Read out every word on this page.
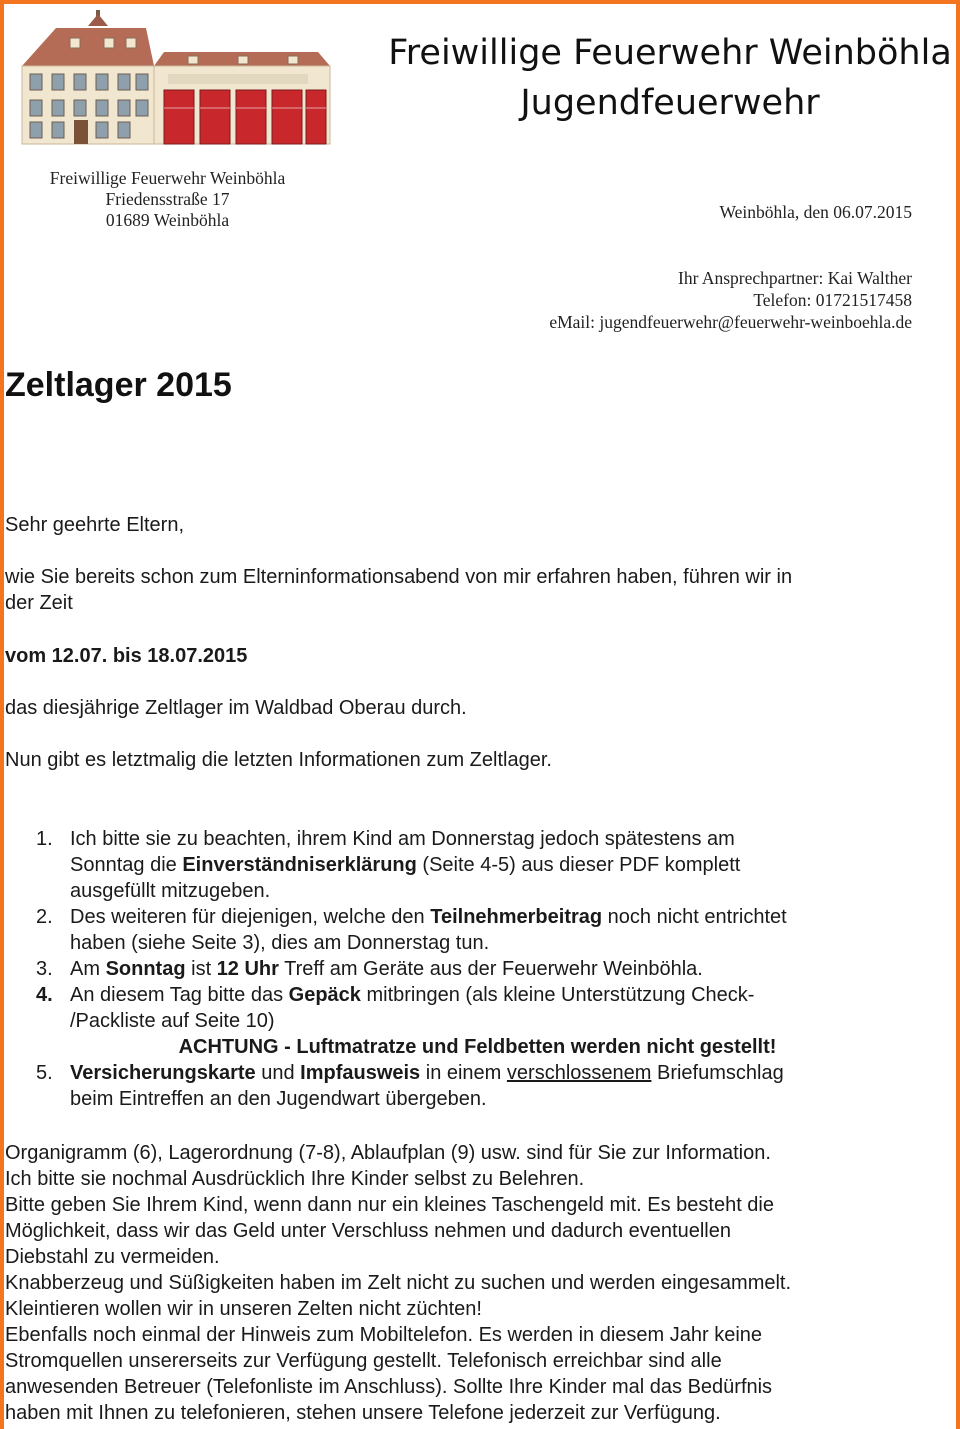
Freiwillige Feuerwehr Weinböhla
Jugendfeuerwehr
Freiwillige Feuerwehr Weinböhla
Friedensstraße 17
01689 Weinböhla	Weinböhla, den 06.07.2015
Ihr Ansprechpartner: Kai Walther
Telefon: 01721517458
eMail: jugendfeuerwehr@feuerwehr-weinboehla.de
Zeltlager 2015
Sehr geehrte Eltern,
wie Sie bereits schon zum Elterninformationsabend von mir erfahren haben, führen wir in
der Zeit
vom 12.07. bis 18.07.2015
das diesjährige Zeltlager im Waldbad Oberau durch.
Nun gibt es letztmalig die letzten Informationen zum Zeltlager.
1. Ich bitte sie zu beachten, ihrem Kind am Donnerstag jedoch spätestens am
Sonntag die Einverständniserklärung (Seite 4-5) aus dieser PDF komplett
ausgefüllt mitzugeben.
2. Des weiteren für diejenigen, welche den Teilnehmerbeitrag noch nicht entrichtet
haben (siehe Seite 3), dies am Donnerstag tun.
3. Am Sonntag ist 12 Uhr Treff am Geräte aus der Feuerwehr Weinböhla.
4. An diesem Tag bitte das Gepäck mitbringen (als kleine Unterstützung Check-
/Packliste auf Seite 10)
ACHTUNG - Luftmatratze und Feldbetten werden nicht gestellt!
5. Versicherungskarte und Impfausweis in einem verschlossenem Briefumschlag
beim Eintreffen an den Jugendwart übergeben.
Organigramm (6), Lagerordnung (7-8), Ablaufplan (9) usw. sind für Sie zur Information.
Ich bitte sie nochmal Ausdrücklich Ihre Kinder selbst zu Belehren.
Bitte geben Sie Ihrem Kind, wenn dann nur ein kleines Taschengeld mit. Es besteht die
Möglichkeit, dass wir das Geld unter Verschluss nehmen und dadurch eventuellen
Diebstahl zu vermeiden.
Knabberzeug und Süßigkeiten haben im Zelt nicht zu suchen und werden eingesammelt.
Kleintieren wollen wir in unseren Zelten nicht züchten!
Ebenfalls noch einmal der Hinweis zum Mobiltelefon. Es werden in diesem Jahr keine
Stromquellen unsererseits zur Verfügung gestellt. Telefonisch erreichbar sind alle
anwesenden Betreuer (Telefonliste im Anschluss). Sollte Ihre Kinder mal das Bedürfnis
haben mit Ihnen zu telefonieren, stehen unsere Telefone jederzeit zur Verfügung.
